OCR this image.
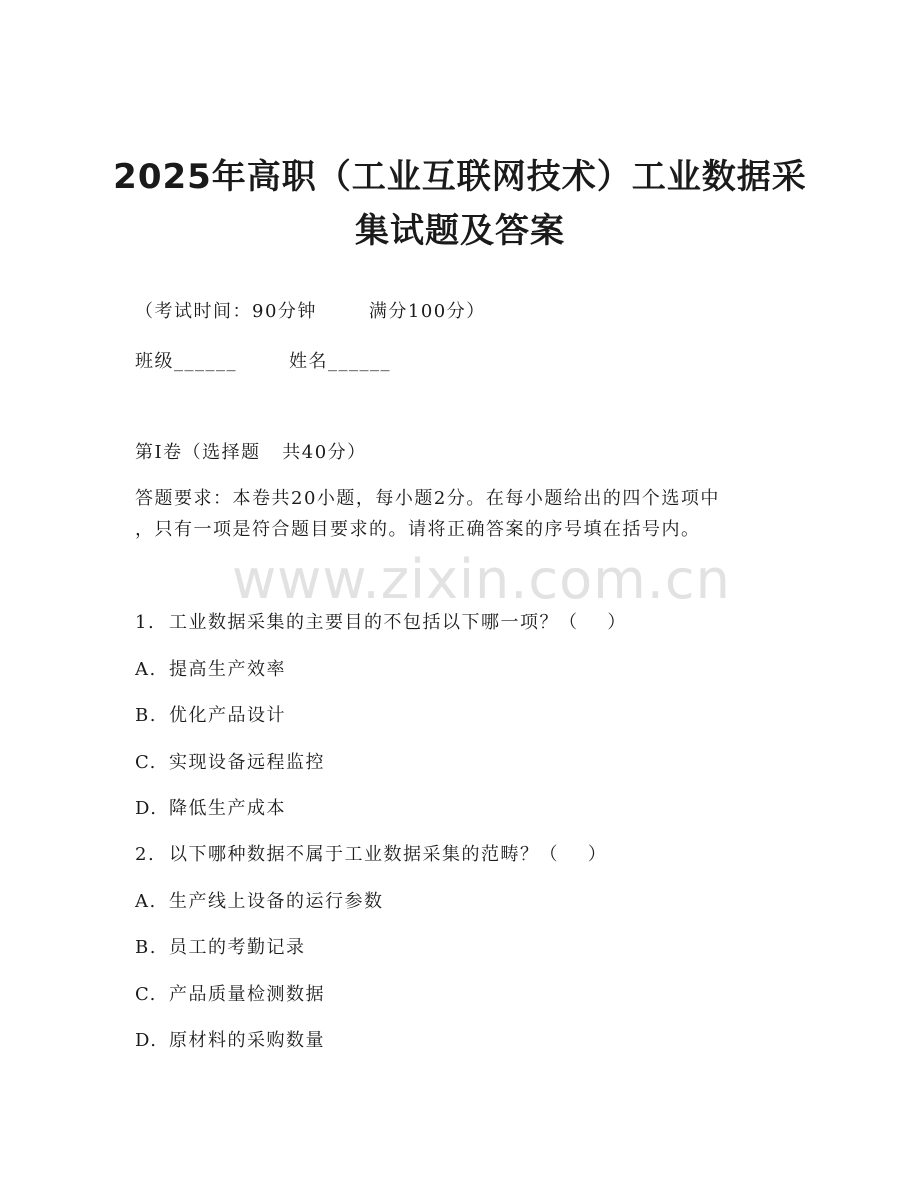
2025年高职（工业互联网技术）工业数据采
集试题及答案
（考试时间：90分钟	满分100分）
班级______	姓名______
第Ⅰ卷（选择题   共40分）
答题要求：本卷共20小题，每小题2分。在每小题给出的四个选项中
，只有一项是符合题目要求的。请将正确答案的序号填在括号内。
www.zixin.com.cn
1. 工业数据采集的主要目的不包括以下哪一项？（    ）
A. 提高生产效率
B. 优化产品设计
C. 实现设备远程监控
D. 降低生产成本
2. 以下哪种数据不属于工业数据采集的范畴？（    ）
A. 生产线上设备的运行参数
B. 员工的考勤记录
C. 产品质量检测数据
D. 原材料的采购数量
